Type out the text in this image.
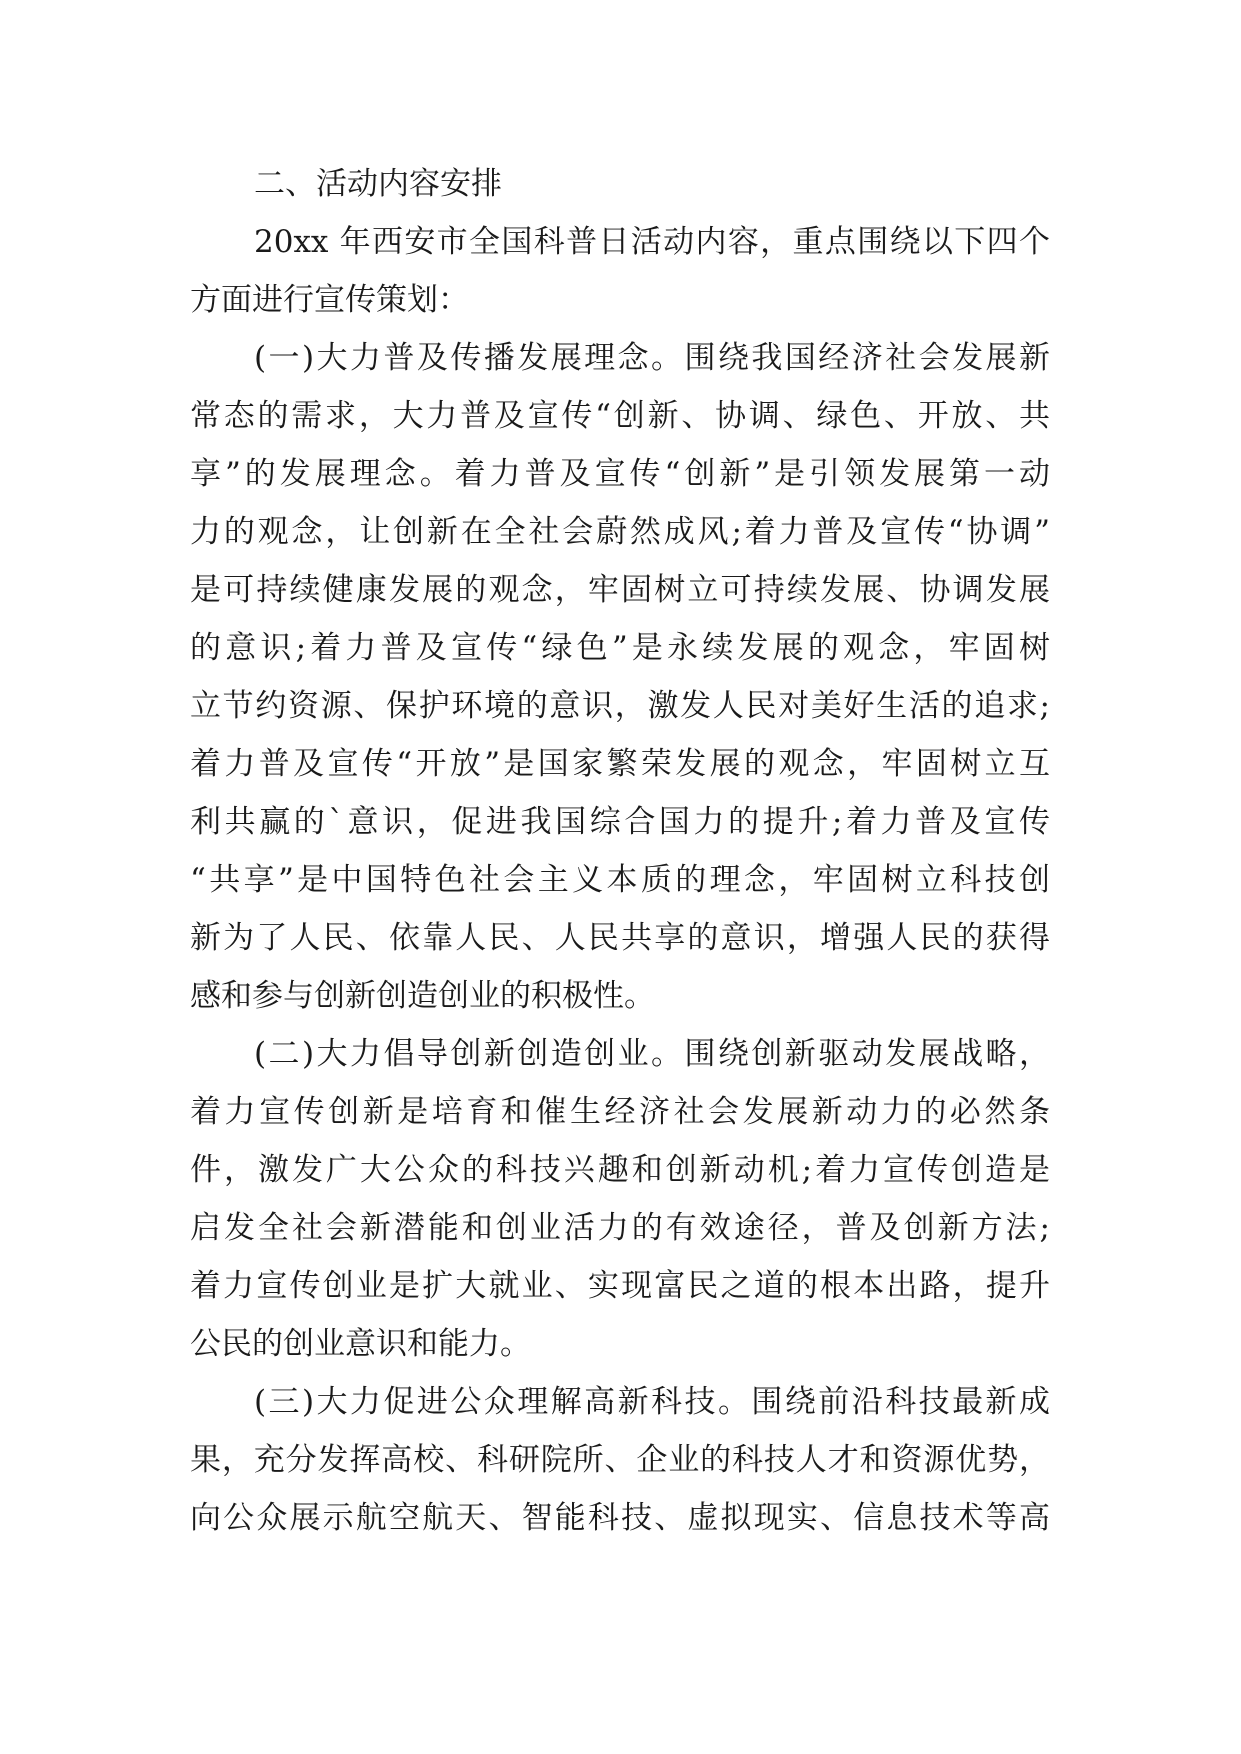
二、活动内容安排
20xx 年西安市全国科普日活动内容，重点围绕以下四个
方面进行宣传策划：
(一)大力普及传播发展理念。围绕我国经济社会发展新
常态的需求，大力普及宣传“创新、协调、绿色、开放、共
享”的发展理念。着力普及宣传“创新”是引领发展第一动
力的观念，让创新在全社会蔚然成风;着力普及宣传“协调”
是可持续健康发展的观念，牢固树立可持续发展、协调发展
的意识;着力普及宣传“绿色”是永续发展的观念，牢固树
立节约资源、保护环境的意识，激发人民对美好生活的追求;
着力普及宣传“开放”是国家繁荣发展的观念，牢固树立互
利共赢的`意识，促进我国综合国力的提升;着力普及宣传
“共享”是中国特色社会主义本质的理念，牢固树立科技创
新为了人民、依靠人民、人民共享的意识，增强人民的获得
感和参与创新创造创业的积极性。
(二)大力倡导创新创造创业。围绕创新驱动发展战略，
着力宣传创新是培育和催生经济社会发展新动力的必然条
件，激发广大公众的科技兴趣和创新动机;着力宣传创造是
启发全社会新潜能和创业活力的有效途径，普及创新方法;
着力宣传创业是扩大就业、实现富民之道的根本出路，提升
公民的创业意识和能力。
(三)大力促进公众理解高新科技。围绕前沿科技最新成
果，充分发挥高校、科研院所、企业的科技人才和资源优势，
向公众展示航空航天、智能科技、虚拟现实、信息技术等高
